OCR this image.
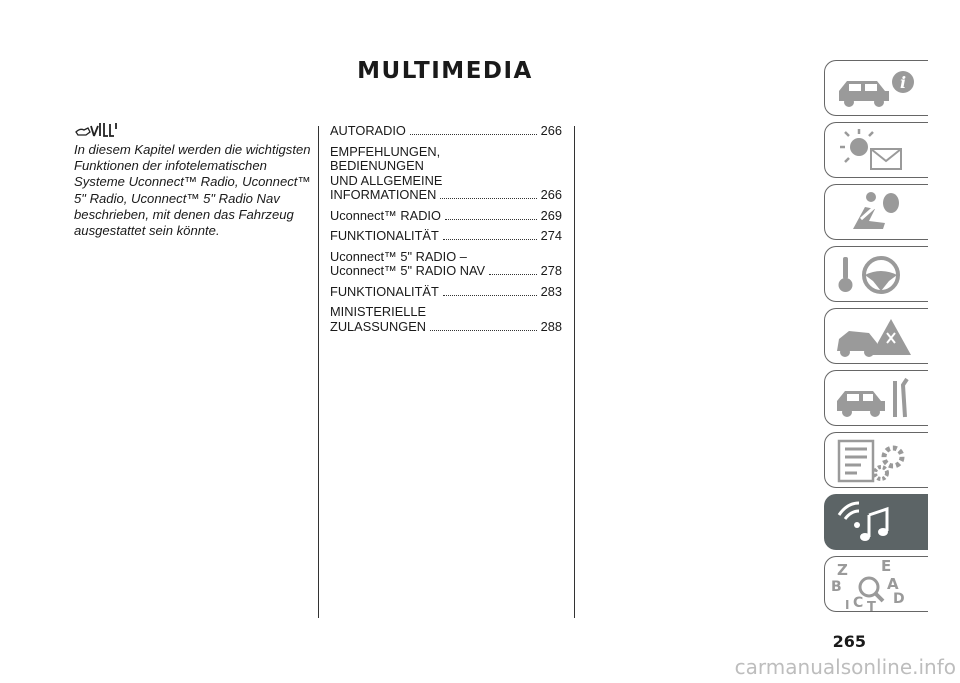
MULTIMEDIA
In diesem Kapitel werden die wichtigsten Funktionen der infotelematischen Systeme Uconnect™ Radio, Uconnect™ 5" Radio, Uconnect™ 5" Radio Nav beschrieben, mit denen das Fahrzeug ausgestattet sein könnte.
AUTORADIO	266
EMPFEHLUNGEN,
BEDIENUNGEN
UND ALLGEMEINE
INFORMATIONEN	266
Uconnect™ RADIO	269
FUNKTIONALITÄT	274
Uconnect™ 5" RADIO –
Uconnect™ 5" RADIO NAV	278
FUNKTIONALITÄT	283
MINISTERIELLE
ZULASSUNGEN	288
i
Z E
B	A
D
C T
I
265
carmanualsonline.info
